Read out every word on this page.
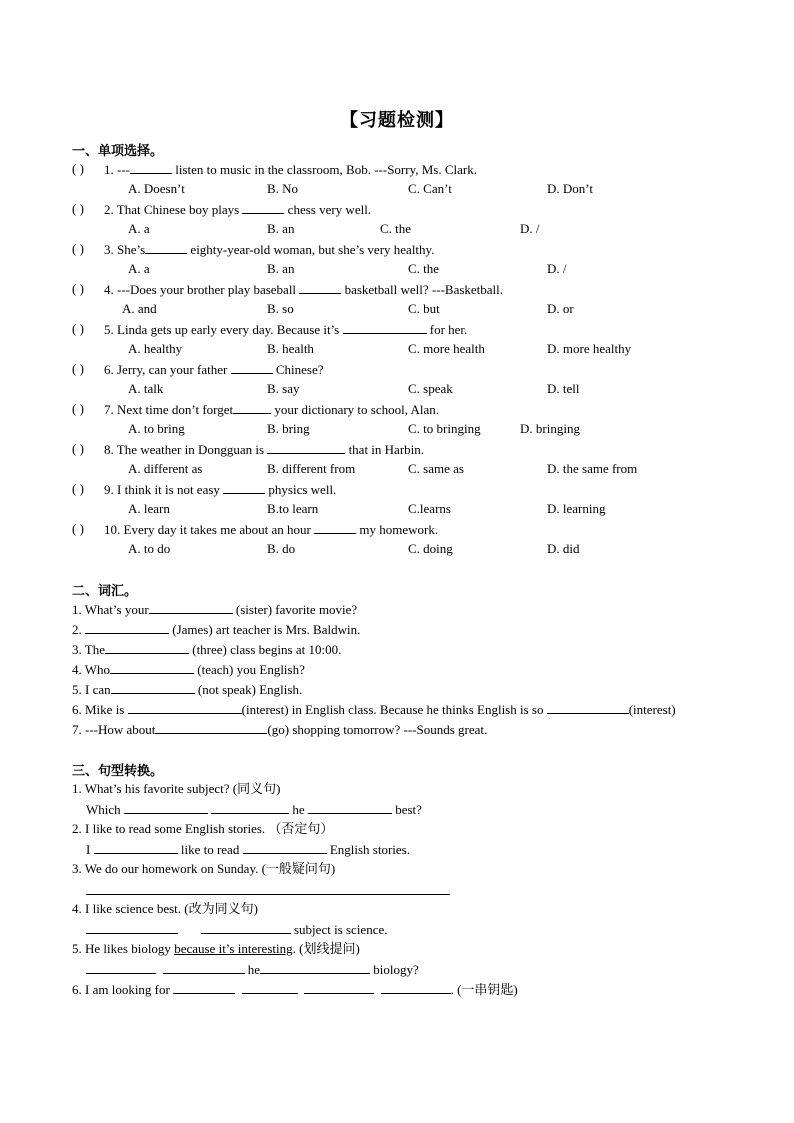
【习题检测】
一、单项选择。
( ) 1. ---	listen to music in the classroom, Bob. ---Sorry, Ms. Clark.
A. Doesn’t	B. No	C. Can’t	D. Don’t
( ) 2. That Chinese boy plays	chess very well.
A. a	B. an	C. the	D. /
( ) 3. She’s	eighty-year-old woman, but she’s very healthy.
A. a	B. an	C. the	D. /
( ) 4. ---Does your brother play baseball	basketball well? ---Basketball.
A. and	B. so	C. but	D. or
( ) 5. Linda gets up early every day. Because it’s	for her.
A. healthy	B. health	C. more health	D. more healthy
( ) 6. Jerry, can your father	Chinese?
A. talk	B. say	C. speak	D. tell
( ) 7. Next time don’t forget	your dictionary to school, Alan.
A. to bring	B. bring	C. to bringing	D. bringing
( ) 8. The weather in Dongguan is	that in Harbin.
A. different as	B. different from	C. same as	D. the same from
( ) 9. I think it is not easy	physics well.
A. learn	B.to learn	C.learns	D. learning
( ) 10. Every day it takes me about an hour	my homework.
A. to do	B. do	C. doing	D. did
二、词汇。
1. What’s your	(sister) favorite movie?
2.	(James) art teacher is Mrs. Baldwin.
3. The	(three) class begins at 10:00.
4. Who	(teach) you English?
5. I can	(not speak) English.
6. Mike is	(interest) in English class. Because he thinks English is so	(interest)
7. ---How about	(go) shopping tomorrow? ---Sounds great.
三、句型转换。
1. What’s his favorite subject? (同义句)
Which	he	best?
2. I like to read some English stories. （否定句）
I	like to read	English stories.
3. We do our homework on Sunday. (一般疑问句)
4. I like science best. (改为同义句)
subject is science.
5. He likes biology because it’s interesting. (划线提问)
he	biology?
6. I am looking for	. (一串钥匙)
